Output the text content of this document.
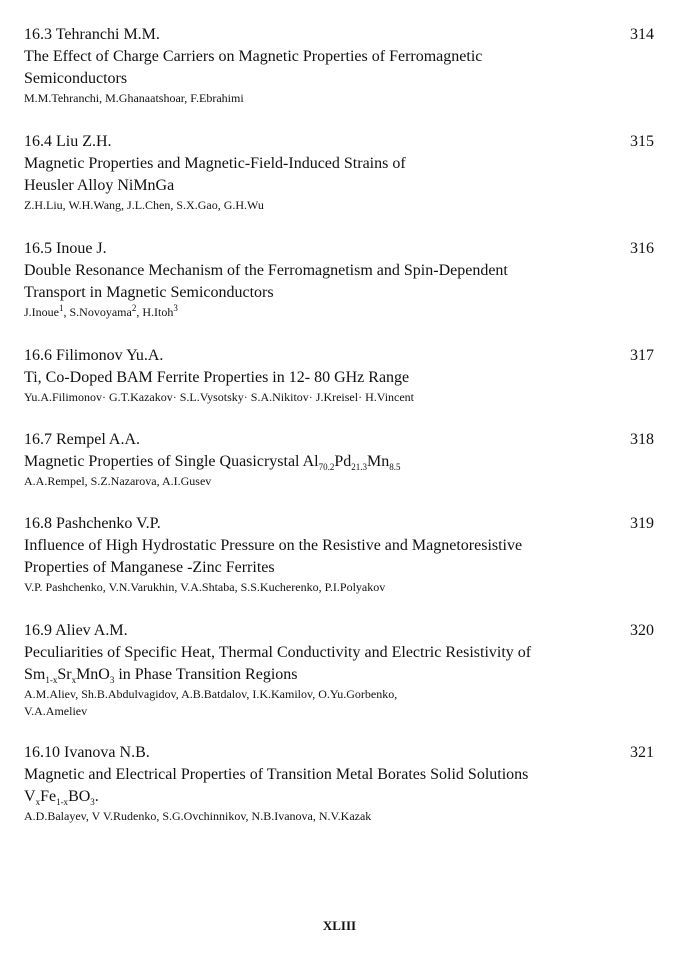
16.3 Tehranchi M.M.	314
The Effect of Charge Carriers on Magnetic Properties of Ferromagnetic
Semiconductors
M.M.Tehranchi, M.Ghanaatshoar, F.Ebrahimi
16.4 Liu Z.H.	315
Magnetic Properties and Magnetic-Field-Induced Strains of
Heusler Alloy NiMnGa
Z.H.Liu, W.H.Wang, J.L.Chen, S.X.Gao, G.H.Wu
16.5 Inoue J.	316
Double Resonance Mechanism of the Ferromagnetism and Spin-Dependent
Transport in Magnetic Semiconductors
J.Inoue$^1$, S.Novoyama$^2$, H.Itoh$^3$
16.6 Filimonov Yu.A.	317
Ti, Co-Doped BAM Ferrite Properties in 12- 80 GHz Range
Yu.A.Filimonov· G.T.Kazakov· S.L.Vysotsky· S.A.Nikitov· J.Kreisel· H.Vincent
16.7 Rempel A.A.	318
Magnetic Properties of Single Quasicrystal $Al_{70.2}Pd_{21.3}Mn_{8.5}$
A.A.Rempel, S.Z.Nazarova, A.I.Gusev
16.8 Pashchenko V.P.	319
Influence of High Hydrostatic Pressure on the Resistive and Magnetoresistive
Properties of Manganese -Zinc Ferrites
V.P. Pashchenko, V.N.Varukhin, V.A.Shtaba, S.S.Kucherenko, P.I.Polyakov
16.9 Aliev A.M.	320
Peculiarities of Specific Heat, Thermal Conductivity and Electric Resistivity of
$Sm_{1-x}Sr_xMnO_3$ in Phase Transition Regions
A.M.Aliev, Sh.B.Abdulvagidov, A.B.Batdalov, I.K.Kamilov, O.Yu.Gorbenko,
V.A.Ameliev
16.10 Ivanova N.B.	321
Magnetic and Electrical Properties of Transition Metal Borates Solid Solutions
$V_xFe_{1-x}BO_3$.
A.D.Balayev, V V.Rudenko, S.G.Ovchinnikov, N.B.Ivanova, N.V.Kazak
XLIII
